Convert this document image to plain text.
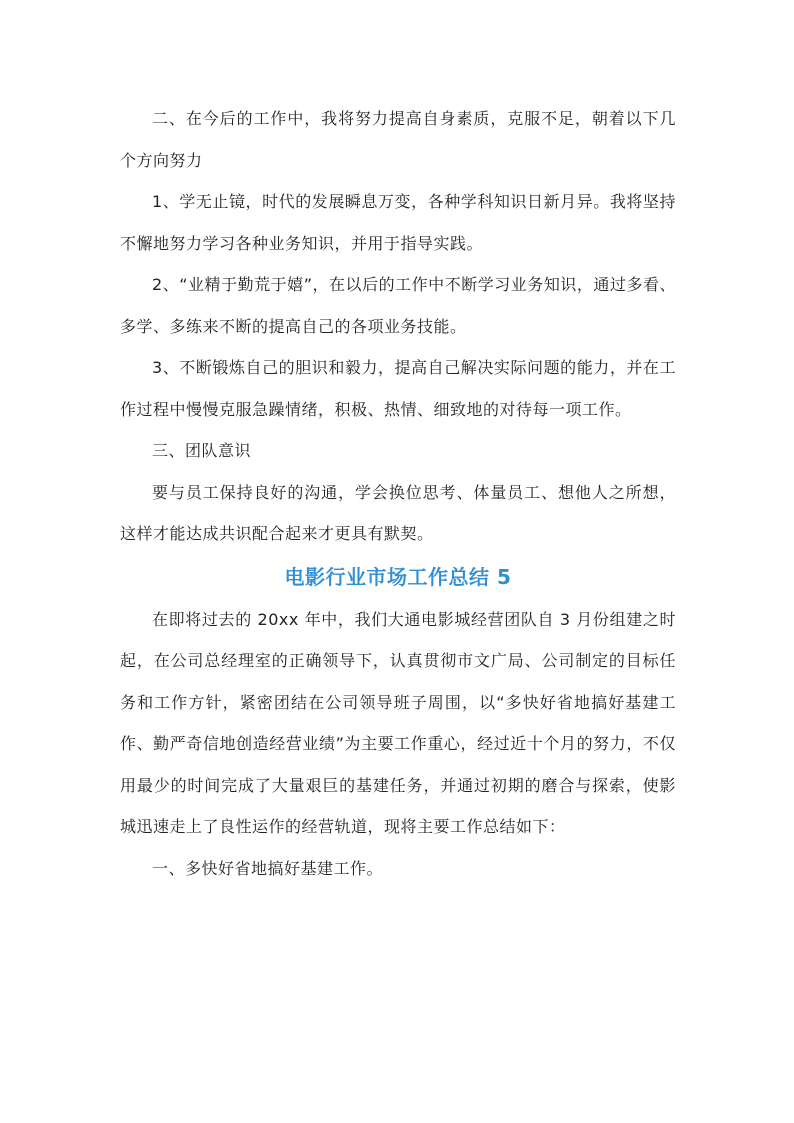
二、在今后的工作中，我将努力提高自身素质，克服不足，朝着以下几个方向努力

1、学无止镜，时代的发展瞬息万变，各种学科知识日新月异。我将坚持不懈地努力学习各种业务知识，并用于指导实践。

2、“业精于勤荒于嬉”，在以后的工作中不断学习业务知识，通过多看、多学、多练来不断的提高自己的各项业务技能。

3、不断锻炼自己的胆识和毅力，提高自己解决实际问题的能力，并在工作过程中慢慢克服急躁情绪，积极、热情、细致地的对待每一项工作。

三、团队意识

要与员工保持良好的沟通，学会换位思考、体量员工、想他人之所想，这样才能达成共识配合起来才更具有默契。

电影行业市场工作总结 5

在即将过去的 20xx 年中，我们大通电影城经营团队自 3 月份组建之时起，在公司总经理室的正确领导下，认真贯彻市文广局、公司制定的目标任务和工作方针，紧密团结在公司领导班子周围，以“多快好省地搞好基建工作、勤严奇信地创造经营业绩”为主要工作重心，经过近十个月的努力，不仅用最少的时间完成了大量艰巨的基建任务，并通过初期的磨合与探索，使影城迅速走上了良性运作的经营轨道，现将主要工作总结如下：

一、多快好省地搞好基建工作。
